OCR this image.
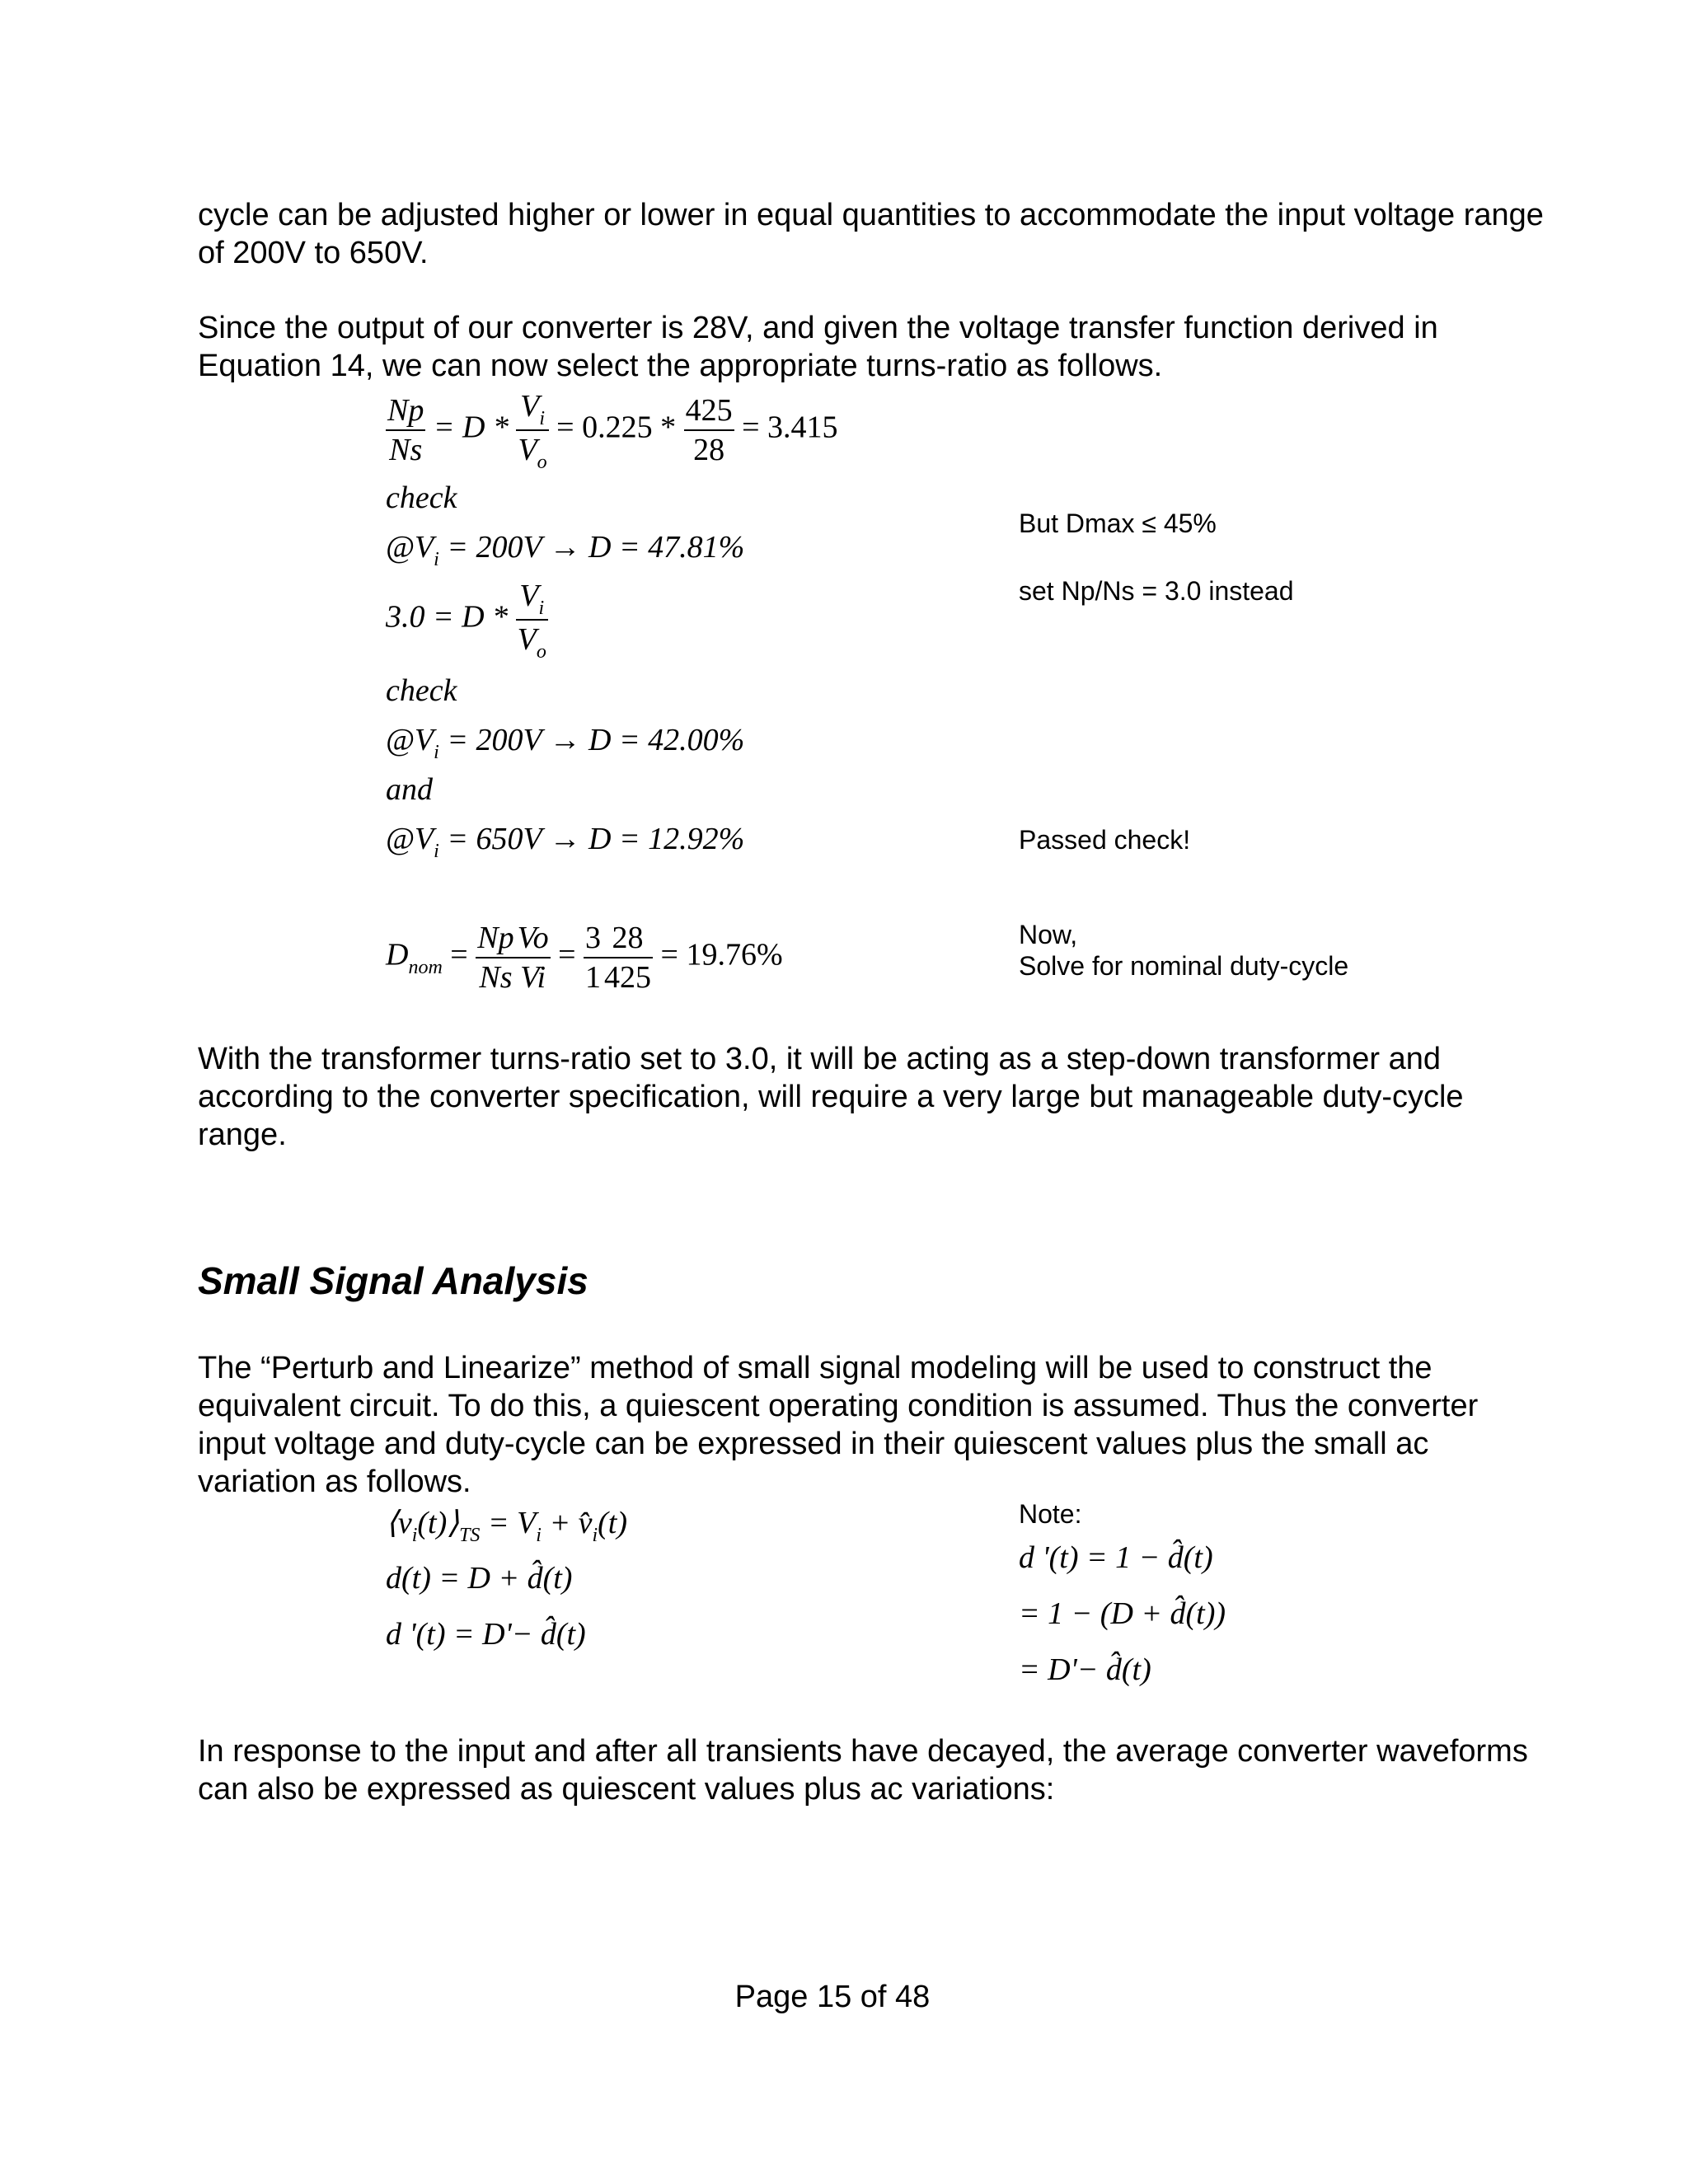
cycle can be adjusted higher or lower in equal quantities to accommodate the input voltage range of 200V to 650V.

Since the output of our converter is 28V, and given the voltage transfer function derived in Equation 14, we can now select the appropriate turns-ratio as follows.

$\frac{Np}{Ns} = D * \frac{V_i}{V_o} = 0.225 * \frac{425}{28} = 3.415$
check
$@V_i = 200V \to D = 47.81\%$
$3.0 = D * \frac{V_i}{V_o}$
check
$@V_i = 200V \to D = 42.00\%$
and
$@V_i = 650V \to D = 12.92\%$
$D_{nom} = \frac{Np}{Ns} \frac{Vo}{Vi} = \frac{3}{1} \frac{28}{425} = 19.76\%$
But Dmax ≤ 45%
set Np/Ns = 3.0 instead
Passed check!
Now,
Solve for nominal duty-cycle

With the transformer turns-ratio set to 3.0, it will be acting as a step-down transformer and according to the converter specification, will require a very large but manageable duty-cycle range.

Small Signal Analysis

The “Perturb and Linearize” method of small signal modeling will be used to construct the equivalent circuit. To do this, a quiescent operating condition is assumed. Thus the converter input voltage and duty-cycle can be expressed in their quiescent values plus the small ac variation as follows.

$⟨v_i(t)⟩_{TS} = V_i$ + $v̂_i(t)$
d(t) = D + d̂(t)
d '(t) = D'− d̂(t)
Note:
d '(t) = 1 − d̂(t)
= 1 − (D + d̂(t))
= D'− d̂(t)

In response to the input and after all transients have decayed, the average converter waveforms can also be expressed as quiescent values plus ac variations:

Page 15 of 48
